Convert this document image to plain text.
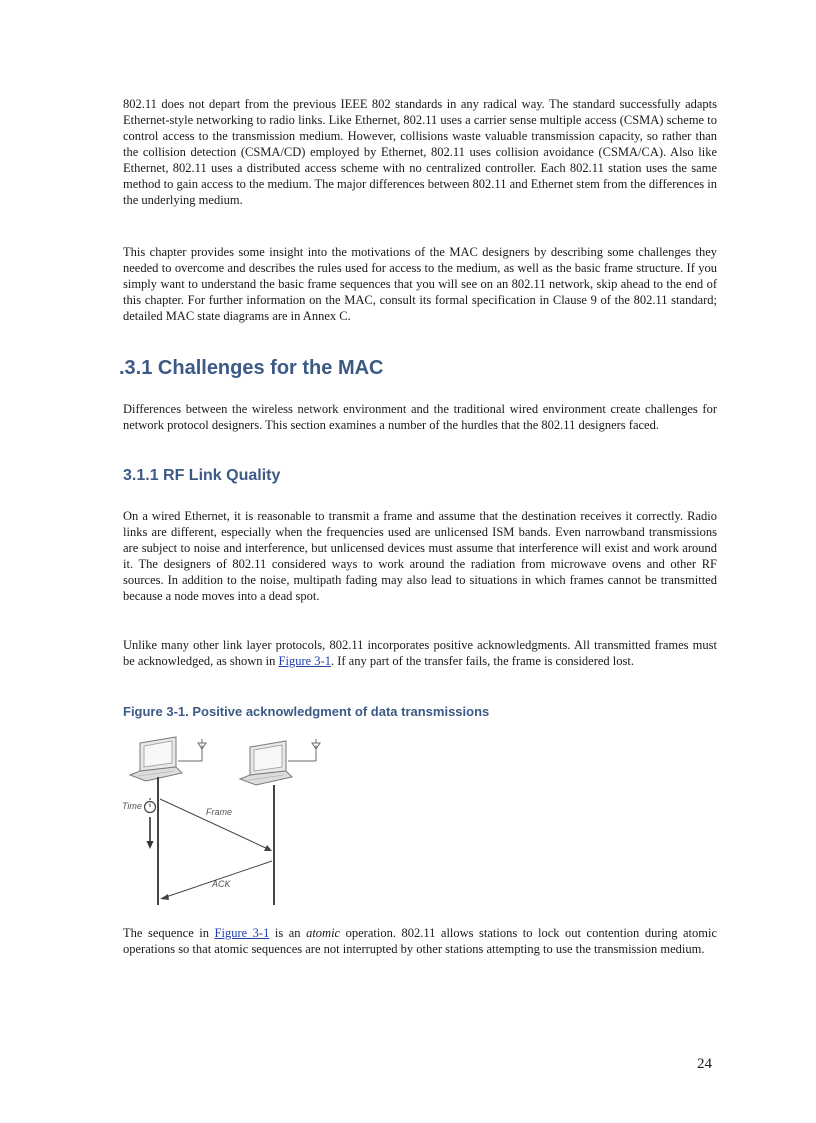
802.11 does not depart from the previous IEEE 802 standards in any radical way. The standard successfully adapts Ethernet-style networking to radio links. Like Ethernet, 802.11 uses a carrier sense multiple access (CSMA) scheme to control access to the transmission medium. However, collisions waste valuable transmission capacity, so rather than the collision detection (CSMA/CD) employed by Ethernet, 802.11 uses collision avoidance (CSMA/CA). Also like Ethernet, 802.11 uses a distributed access scheme with no centralized controller. Each 802.11 station uses the same method to gain access to the medium. The major differences between 802.11 and Ethernet stem from the differences in the underlying medium.

This chapter provides some insight into the motivations of the MAC designers by describing some challenges they needed to overcome and describes the rules used for access to the medium, as well as the basic frame structure. If you simply want to understand the basic frame sequences that you will see on an 802.11 network, skip ahead to the end of this chapter. For further information on the MAC, consult its formal specification in Clause 9 of the 802.11 standard; detailed MAC state diagrams are in Annex C.

.3.1 Challenges for the MAC

Differences between the wireless network environment and the traditional wired environment create challenges for network protocol designers. This section examines a number of the hurdles that the 802.11 designers faced.

3.1.1 RF Link Quality

On a wired Ethernet, it is reasonable to transmit a frame and assume that the destination receives it correctly. Radio links are different, especially when the frequencies used are unlicensed ISM bands. Even narrowband transmissions are subject to noise and interference, but unlicensed devices must assume that interference will exist and work around it. The designers of 802.11 considered ways to work around the radiation from microwave ovens and other RF sources. In addition to the noise, multipath fading may also lead to situations in which frames cannot be transmitted because a node moves into a dead spot.

Unlike many other link layer protocols, 802.11 incorporates positive acknowledgments. All transmitted frames must be acknowledged, as shown in Figure 3-1. If any part of the transfer fails, the frame is considered lost.

Figure 3-1. Positive acknowledgment of data transmissions

Time
Frame
ACK

The sequence in Figure 3-1 is an atomic operation. 802.11 allows stations to lock out contention during atomic operations so that atomic sequences are not interrupted by other stations attempting to use the transmission medium.

24
